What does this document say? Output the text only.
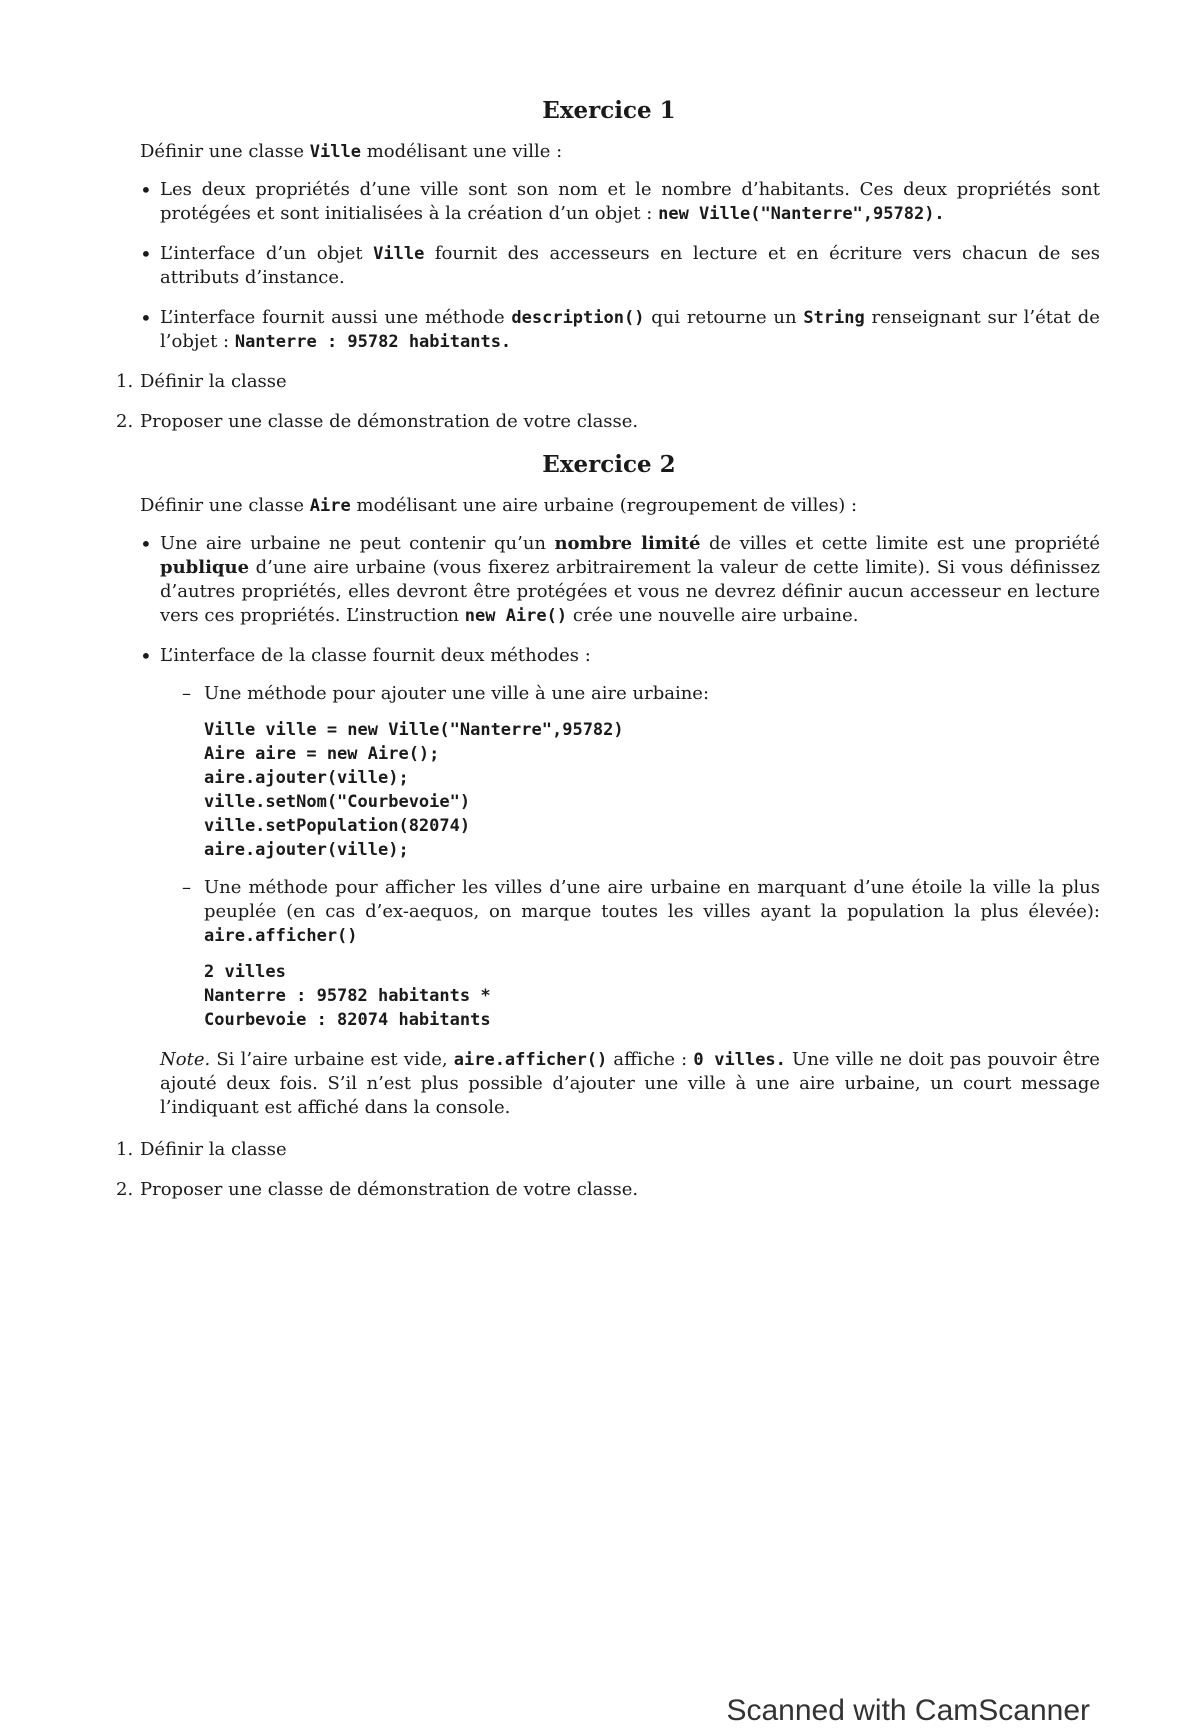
Exercice 1

Définir une classe Ville modélisant une ville :

• Les deux propriétés d’une ville sont son nom et le nombre d’habitants. Ces deux propriétés sont protégées et sont initialisées à la création d’un objet : new Ville("Nanterre",95782).
• L’interface d’un objet Ville fournit des accesseurs en lecture et en écriture vers chacun de ses attributs d’instance.
• L’interface fournit aussi une méthode description() qui retourne un String renseignant sur l’état de l’objet : Nanterre : 95782 habitants.
1. Définir la classe
2. Proposer une classe de démonstration de votre classe.
Exercice 2

Définir une classe Aire modélisant une aire urbaine (regroupement de villes) :

• Une aire urbaine ne peut contenir qu’un nombre limité de villes et cette limite est une propriété publique d’une aire urbaine (vous fixerez arbitrairement la valeur de cette limite). Si vous définissez d’autres propriétés, elles devront être protégées et vous ne devrez définir aucun accesseur en lecture vers ces propriétés. L’instruction new Aire() crée une nouvelle aire urbaine.
• L’interface de la classe fournit deux méthodes :
– Une méthode pour ajouter une ville à une aire urbaine:
Ville ville = new Ville("Nanterre",95782)
Aire aire = new Aire();
aire.ajouter(ville);
ville.setNom("Courbevoie")
ville.setPopulation(82074)
aire.ajouter(ville);
– Une méthode pour afficher les villes d’une aire urbaine en marquant d’une étoile la ville la plus peuplée (en cas d’ex-aequos, on marque toutes les villes ayant la population la plus élevée): aire.afficher()
2 villes
Nanterre : 95782 habitants *
Courbevoie : 82074 habitants

Note. Si l’aire urbaine est vide, aire.afficher() affiche : 0 villes. Une ville ne doit pas pouvoir être ajouté deux fois. S’il n’est plus possible d’ajouter une ville à une aire urbaine, un court message l’indiquant est affiché dans la console.

1. Définir la classe
2. Proposer une classe de démonstration de votre classe.
Scanned with CamScanner
